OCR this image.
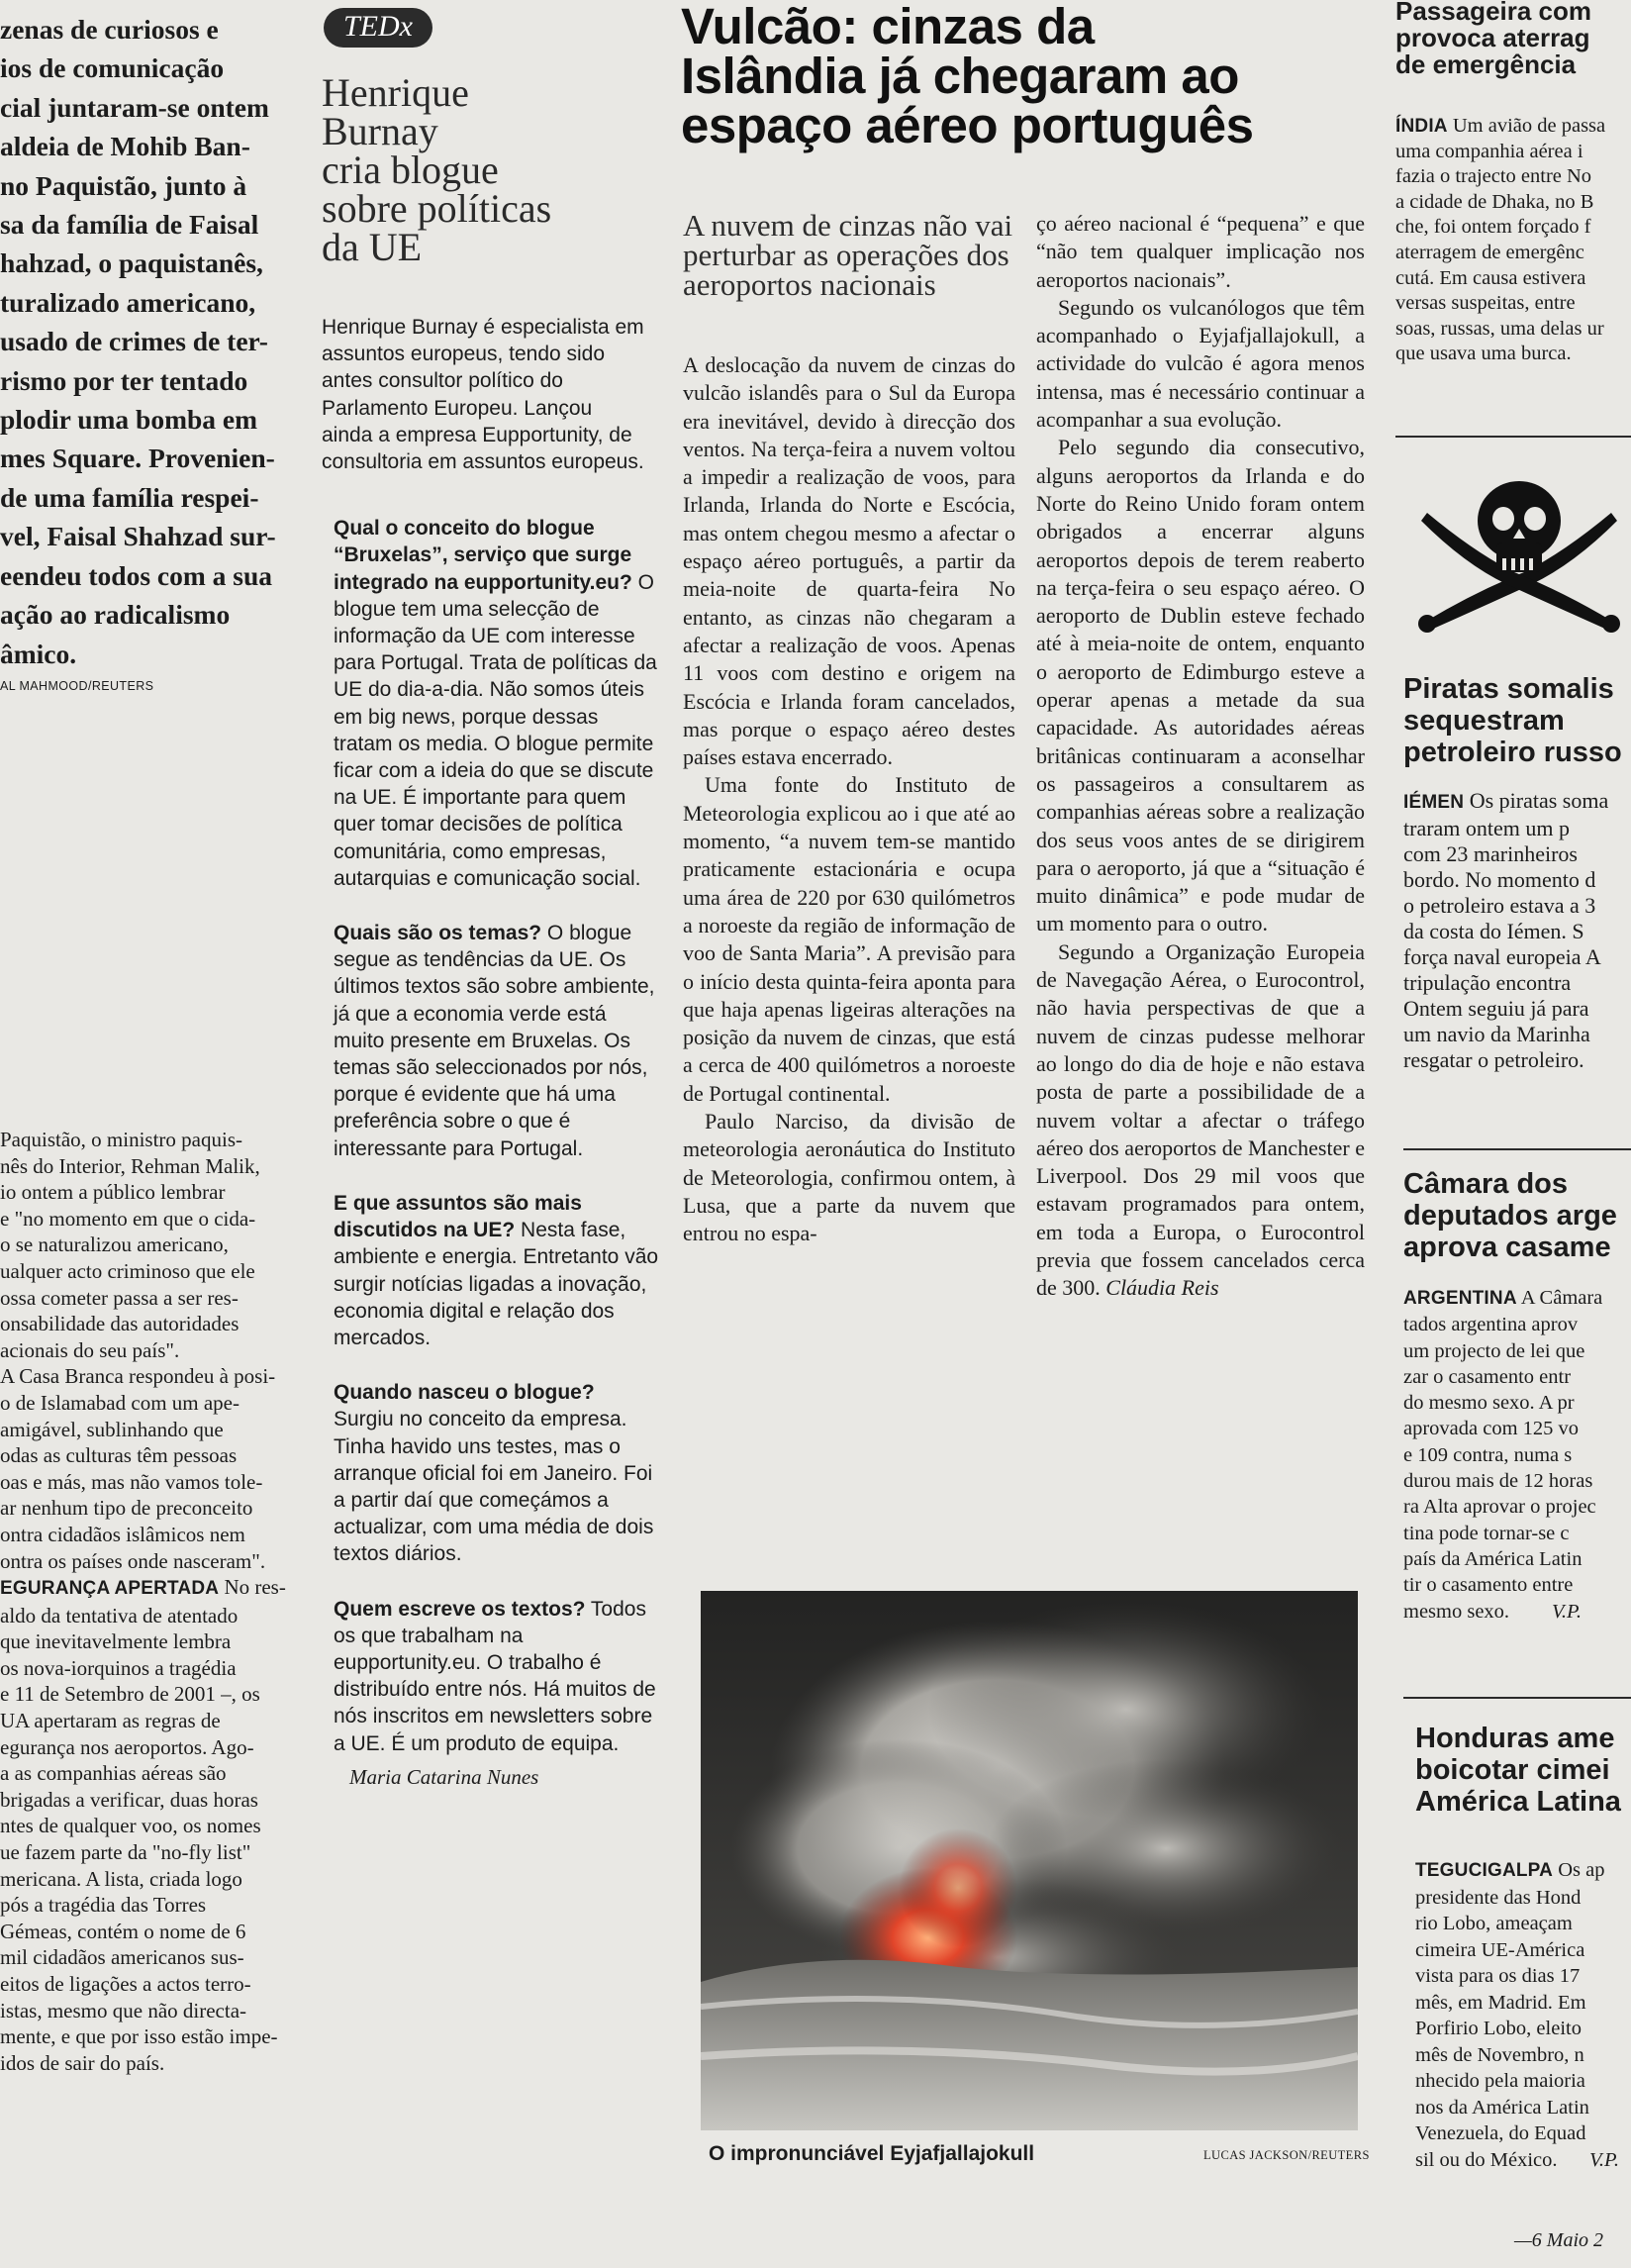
zenas de curiosos e
ios de comunicação
cial juntaram-se ontem
aldeia de Mohib Ban-
no Paquistão, junto à
sa da família de Faisal
hahzad, o paquistanês,
turalizado americano,
usado de crimes de ter-
rismo por ter tentado
plodir uma bomba em
mes Square. Provenien-
de uma família respei-
vel, Faisal Shahzad sur-
eendeu todos com a sua
ação ao radicalismo
âmico.
AL MAHMOOD/REUTERS
Paquistão, o ministro paquis-
nês do Interior, Rehman Malik,
io ontem a público lembrar
e "no momento em que o cida-
o se naturalizou americano,
ualquer acto criminoso que ele
ossa cometer passa a ser res-
onsabilidade das autoridades
acionais do seu país".
A Casa Branca respondeu à posi-
o de Islamabad com um ape-
amigável, sublinhando que
odas as culturas têm pessoas
oas e más, mas não vamos tole-
ar nenhum tipo de preconceito
ontra cidadãos islâmicos nem
ontra os países onde nasceram".
EGURANÇA APERTADA No res-
aldo da tentativa de atentado
que inevitavelmente lembra
os nova-iorquinos a tragédia
e 11 de Setembro de 2001 –, os
UA apertaram as regras de
egurança nos aeroportos. Ago-
a as companhias aéreas são
brigadas a verificar, duas horas
ntes de qualquer voo, os nomes
ue fazem parte da "no-fly list"
mericana. A lista, criada logo
pós a tragédia das Torres
Gémeas, contém o nome de 6
mil cidadãos americanos sus-
eitos de ligações a actos terro-
istas, mesmo que não directa-
mente, e que por isso estão impe-
idos de sair do país.
TEDx
Henrique
Burnay
cria blogue
sobre políticas
da UE
Henrique Burnay é especialista em assuntos europeus, tendo sido antes consultor político do Parlamento Europeu. Lançou ainda a empresa Eupportunity, de consultoria em assuntos europeus.
Qual o conceito do blogue “Bruxelas”, serviço que surge integrado na eupportunity.eu? O blogue tem uma selecção de informação da UE com interesse para Portugal. Trata de políticas da UE do dia-a-dia. Não somos úteis em big news, porque dessas tratam os media. O blogue permite ficar com a ideia do que se discute na UE. É importante para quem quer tomar decisões de política comunitária, como empresas, autarquias e comunicação social.
Quais são os temas? O blogue segue as tendências da UE. Os últimos textos são sobre ambiente, já que a economia verde está muito presente em Bruxelas. Os temas são seleccionados por nós, porque é evidente que há uma preferência sobre o que é interessante para Portugal.
E que assuntos são mais discutidos na UE? Nesta fase, ambiente e energia. Entretanto vão surgir notícias ligadas a inovação, economia digital e relação dos mercados.
Quando nasceu o blogue? Surgiu no conceito da empresa. Tinha havido uns testes, mas o arranque oficial foi em Janeiro. Foi a partir daí que começámos a actualizar, com uma média de dois textos diários.
Quem escreve os textos? Todos os que trabalham na eupportunity.eu. O trabalho é distribuído entre nós. Há muitos de nós inscritos em newsletters sobre a UE. É um produto de equipa.
Maria Catarina Nunes
Vulcão: cinzas da
Islândia já chegaram ao
espaço aéreo português
A nuvem de cinzas não vai perturbar as operações dos aeroportos nacionais

A deslocação da nuvem de cinzas do vulcão islandês para o Sul da Europa era inevitável, devido à direcção dos ventos. Na terça-feira a nuvem voltou a impedir a realização de voos, para Irlanda, Irlanda do Norte e Escócia, mas ontem chegou mesmo a afectar o espaço aéreo português, a partir da meia-noite de quarta-feira No entanto, as cinzas não chegaram a afectar a realização de voos. Apenas 11 voos com destino e origem na Escócia e Irlanda foram cancelados, mas porque o espaço aéreo destes países estava encerrado.

Uma fonte do Instituto de Meteorologia explicou ao i que até ao momento, “a nuvem tem-se mantido praticamente estacionária e ocupa uma área de 220 por 630 quilómetros a noroeste da região de informação de voo de Santa Maria”. A previsão para o início desta quinta-feira aponta para que haja apenas ligeiras alterações na posição da nuvem de cinzas, que está a cerca de 400 quilómetros a noroeste de Portugal continental.

Paulo Narciso, da divisão de meteorologia aeronáutica do Instituto de Meteorologia, confirmou ontem, à Lusa, que a parte da nuvem que entrou no espa-

ço aéreo nacional é “pequena” e que “não tem qualquer implicação nos aeroportos nacionais”.

Segundo os vulcanólogos que têm acompanhado o Eyjafjallajokull, a actividade do vulcão é agora menos intensa, mas é necessário continuar a acompanhar a sua evolução.

Pelo segundo dia consecutivo, alguns aeroportos da Irlanda e do Norte do Reino Unido foram ontem obrigados a encerrar alguns aeroportos depois de terem reaberto na terça-feira o seu espaço aéreo. O aeroporto de Dublin esteve fechado até à meia-noite de ontem, enquanto o aeroporto de Edimburgo esteve a operar apenas a metade da sua capacidade. As autoridades aéreas britânicas continuaram a aconselhar os passageiros a consultarem as companhias aéreas sobre a realização dos seus voos antes de se dirigirem para o aeroporto, já que a “situação é muito dinâmica” e pode mudar de um momento para o outro.

Segundo a Organização Europeia de Navegação Aérea, o Eurocontrol, não havia perspectivas de que a nuvem de cinzas pudesse melhorar ao longo do dia de hoje e não estava posta de parte a possibilidade de a nuvem voltar a afectar o tráfego aéreo dos aeroportos de Manchester e Liverpool. Dos 29 mil voos que estavam programados para ontem, em toda a Europa, o Eurocontrol previa que fossem cancelados cerca de 300. Cláudia Reis

O impronunciável Eyjafjallajokull	LUCAS JACKSON/REUTERS
Passageira com
provoca aterrag
de emergência
ÍNDIA Um avião de passa
uma companhia aérea i
fazia o trajecto entre No
a cidade de Dhaka, no B
che, foi ontem forçado f
aterragem de emergênc
cutá. Em causa estivera
versas suspeitas, entre
soas, russas, uma delas ur
que usava uma burca.
Piratas somalis
sequestram
petroleiro russo
IÉMEN Os piratas soma
traram ontem um p
com 23 marinheiros
bordo. No momento d
o petroleiro estava a 3
da costa do Iémen. S
força naval europeia A
tripulação encontra
Ontem seguiu já para
um navio da Marinha
resgatar o petroleiro.
Câmara dos
deputados arge
aprova casame
ARGENTINA A Câmara
tados argentina aprov
um projecto de lei que
zar o casamento entr
do mesmo sexo. A pr
aprovada com 125 vo
e 109 contra, numa s
durou mais de 12 horas
ra Alta aprovar o projec
tina pode tornar-se c
país da América Latin
tir o casamento entre
mesmo sexo.	V.P.
Honduras ame
boicotar cimei
América Latina
TEGUCIGALPA Os ap
presidente das Hond
rio Lobo, ameaçam
cimeira UE-América
vista para os dias 17
mês, em Madrid. Em
Porfirio Lobo, eleito
mês de Novembro, n
nhecido pela maioria
nos da América Latin
Venezuela, do Equad
sil ou do México.	V.P.
—6 Maio 2
